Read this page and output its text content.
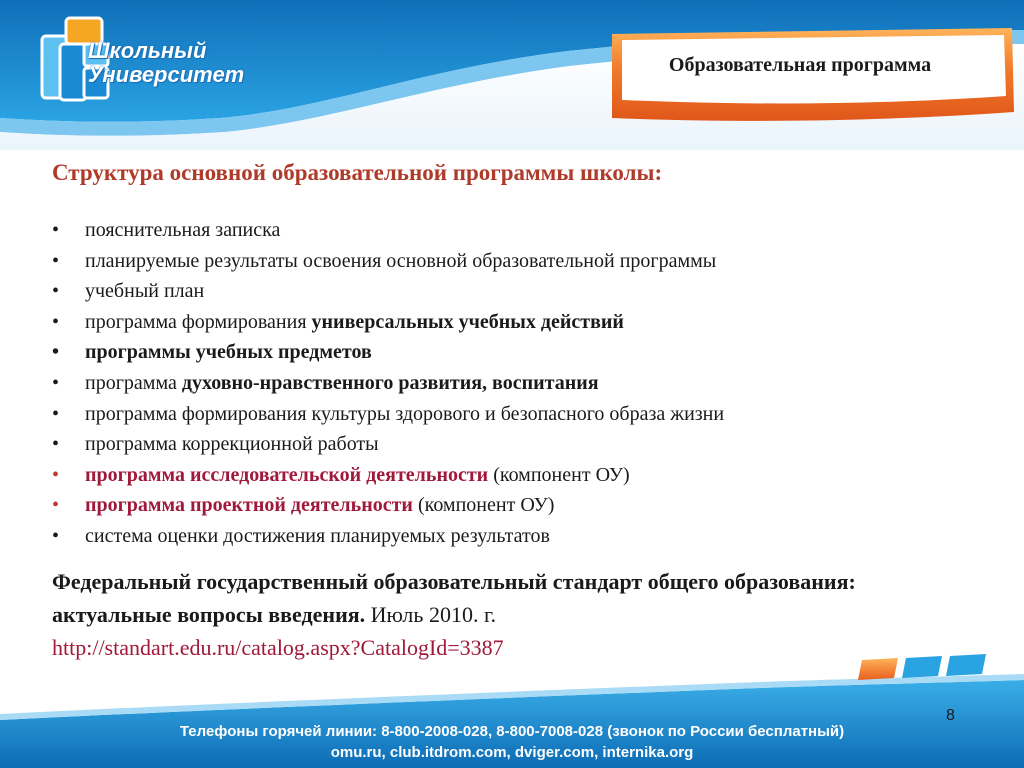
Школьный
Университет	Образовательная программа
Структура основной образовательной программы школы:
•	пояснительная записка
•	планируемые результаты освоения основной образовательной программы
•	учебный план
•	программа формирования универсальных учебных действий
•	программы учебных предметов
•	программа духовно-нравственного развития, воспитания
•	программа формирования культуры здорового и безопасного образа жизни
•	программа коррекционной работы
•	программа исследовательской деятельности (компонент ОУ)
•	программа проектной деятельности (компонент ОУ)
•	система оценки достижения планируемых результатов
Федеральный государственный образовательный стандарт общего образования: актуальные вопросы введения. Июль 2010. г.
http://standart.edu.ru/catalog.aspx?CatalogId=3387
8
Телефоны горячей линии: 8-800-2008-028, 8-800-7008-028 (звонок по России бесплатный)
omu.ru, club.itdrom.com, dviger.com, internika.org
